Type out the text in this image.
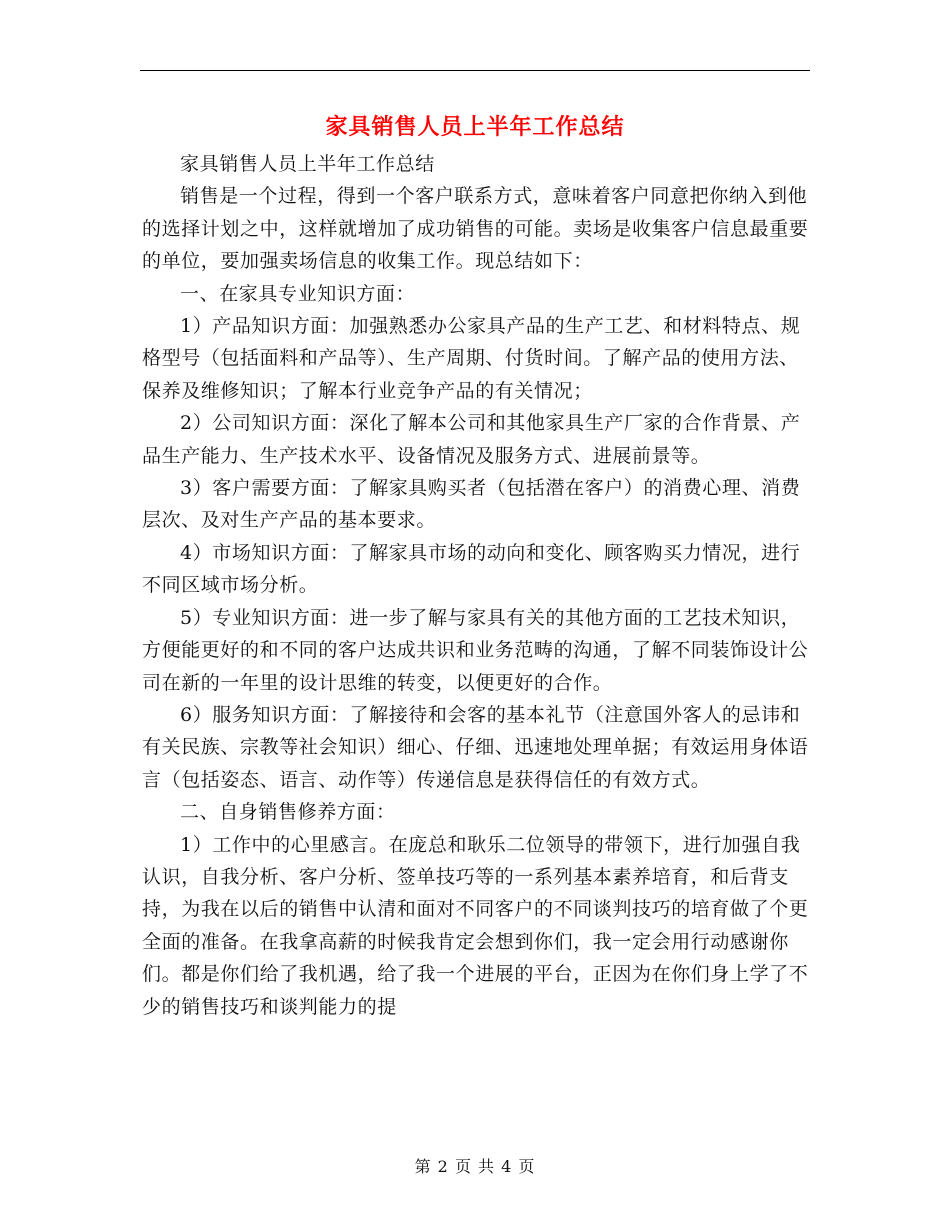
家具销售人员上半年工作总结

家具销售人员上半年工作总结

销售是一个过程，得到一个客户联系方式，意味着客户同意把你纳入到他的选择计划之中，这样就增加了成功销售的可能。卖场是收集客户信息最重要的单位，要加强卖场信息的收集工作。现总结如下：

一、在家具专业知识方面：

1）产品知识方面：加强熟悉办公家具产品的生产工艺、和材料特点、规格型号（包括面料和产品等）、生产周期、付货时间。了解产品的使用方法、保养及维修知识；了解本行业竞争产品的有关情况；

2）公司知识方面：深化了解本公司和其他家具生产厂家的合作背景、产品生产能力、生产技术水平、设备情况及服务方式、进展前景等。

3）客户需要方面：了解家具购买者（包括潜在客户）的消费心理、消费层次、及对生产产品的基本要求。

4）市场知识方面：了解家具市场的动向和变化、顾客购买力情况，进行不同区域市场分析。

5）专业知识方面：进一步了解与家具有关的其他方面的工艺技术知识，方便能更好的和不同的客户达成共识和业务范畴的沟通，了解不同装饰设计公司在新的一年里的设计思维的转变，以便更好的合作。

6）服务知识方面：了解接待和会客的基本礼节（注意国外客人的忌讳和有关民族、宗教等社会知识）细心、仔细、迅速地处理单据；有效运用身体语言（包括姿态、语言、动作等）传递信息是获得信任的有效方式。

二、自身销售修养方面：

1）工作中的心里感言。在庞总和耿乐二位领导的带领下，进行加强自我认识，自我分析、客户分析、签单技巧等的一系列基本素养培育，和后背支持，为我在以后的销售中认清和面对不同客户的不同谈判技巧的培育做了个更全面的准备。在我拿高薪的时候我肯定会想到你们，我一定会用行动感谢你们。都是你们给了我机遇，给了我一个进展的平台，正因为在你们身上学了不少的销售技巧和谈判能力的提

第 2 页 共 4 页
